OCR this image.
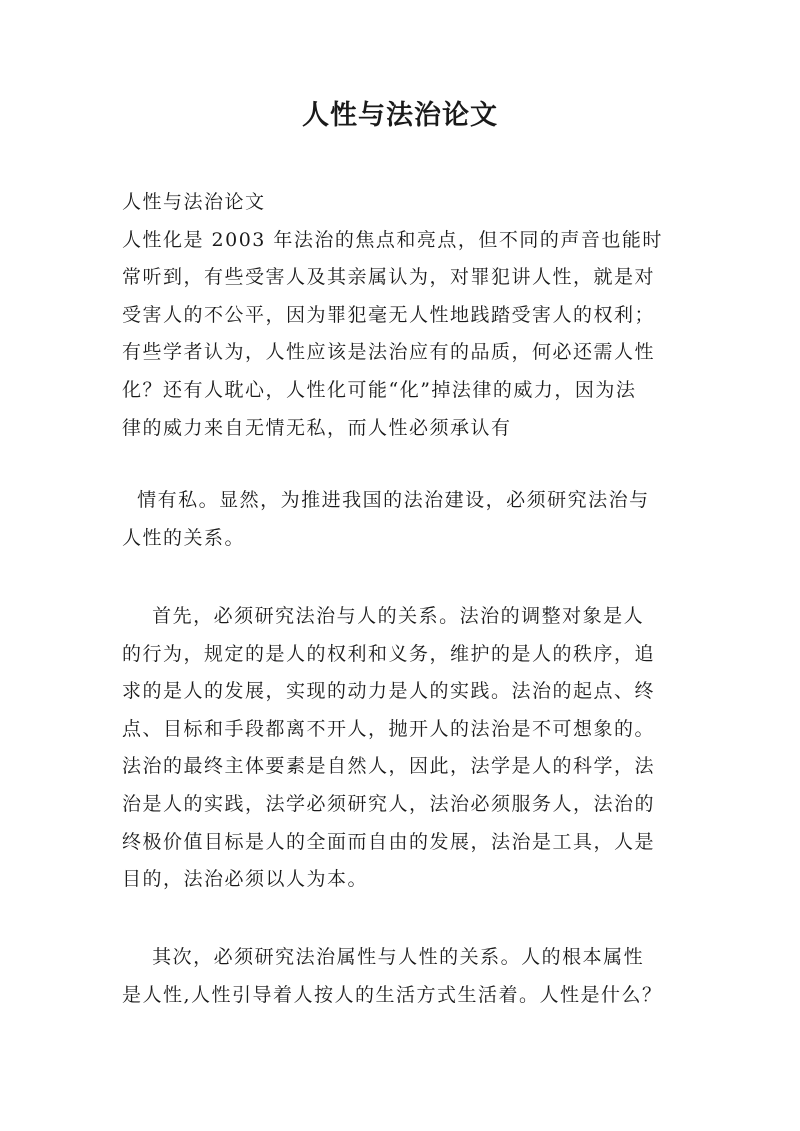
人性与法治论文
人性与法治论文
人性化是 2003 年法治的焦点和亮点，但不同的声音也能时
常听到，有些受害人及其亲属认为，对罪犯讲人性，就是对
受害人的不公平，因为罪犯毫无人性地践踏受害人的权利；
有些学者认为，人性应该是法治应有的品质，何必还需人性
化？还有人耽心，人性化可能“化”掉法律的威力，因为法
律的威力来自无情无私，而人性必须承认有
情有私。显然，为推进我国的法治建设，必须研究法治与
人性的关系。
首先，必须研究法治与人的关系。法治的调整对象是人
的行为，规定的是人的权利和义务，维护的是人的秩序，追
求的是人的发展，实现的动力是人的实践。法治的起点、终
点、目标和手段都离不开人，抛开人的法治是不可想象的。
法治的最终主体要素是自然人，因此，法学是人的科学，法
治是人的实践，法学必须研究人，法治必须服务人，法治的
终极价值目标是人的全面而自由的发展，法治是工具，人是
目的，法治必须以人为本。
其次，必须研究法治属性与人性的关系。人的根本属性
是人性,人性引导着人按人的生活方式生活着。人性是什么？
